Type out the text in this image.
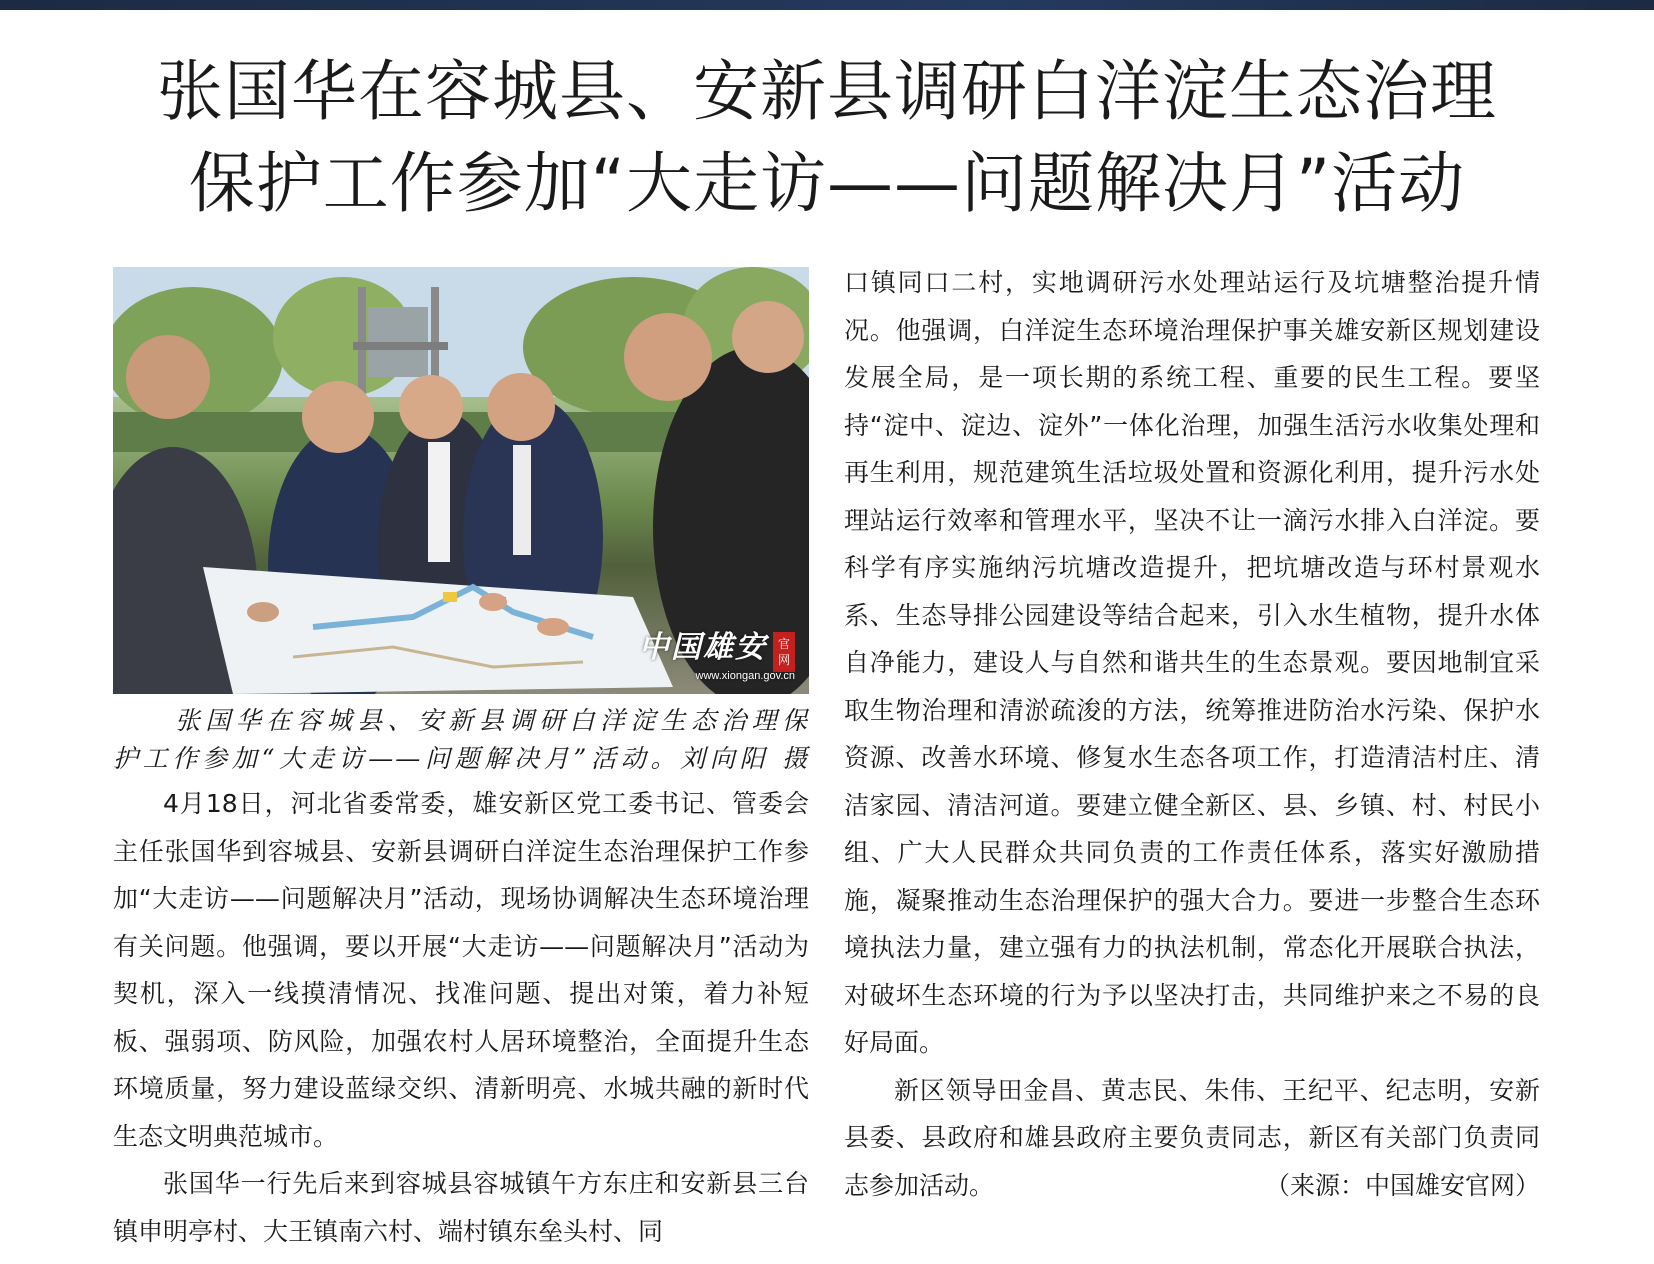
张国华在容城县、安新县调研白洋淀生态治理
保护工作参加“大走访——问题解决月”活动
中国雄安 官网
www.xiongan.gov.cn
张国华在容城县、安新县调研白洋淀生态治理保
护工作参加“大走访——问题解决月”活动。刘向阳 摄

4月18日，河北省委常委，雄安新区党工委书记、管委会主任张国华到容城县、安新县调研白洋淀生态治理保护工作参加“大走访——问题解决月”活动，现场协调解决生态环境治理有关问题。他强调，要以开展“大走访——问题解决月”活动为契机，深入一线摸清情况、找准问题、提出对策，着力补短板、强弱项、防风险，加强农村人居环境整治，全面提升生态环境质量，努力建设蓝绿交织、清新明亮、水城共融的新时代生态文明典范城市。

张国华一行先后来到容城县容城镇午方东庄和安新县三台镇申明亭村、大王镇南六村、端村镇东垒头村、同

口镇同口二村，实地调研污水处理站运行及坑塘整治提升情况。他强调，白洋淀生态环境治理保护事关雄安新区规划建设发展全局，是一项长期的系统工程、重要的民生工程。要坚持“淀中、淀边、淀外”一体化治理，加强生活污水收集处理和再生利用，规范建筑生活垃圾处置和资源化利用，提升污水处理站运行效率和管理水平，坚决不让一滴污水排入白洋淀。要科学有序实施纳污坑塘改造提升，把坑塘改造与环村景观水系、生态导排公园建设等结合起来，引入水生植物，提升水体自净能力，建设人与自然和谐共生的生态景观。要因地制宜采取生物治理和清淤疏浚的方法，统筹推进防治水污染、保护水资源、改善水环境、修复水生态各项工作，打造清洁村庄、清洁家园、清洁河道。要建立健全新区、县、乡镇、村、村民小组、广大人民群众共同负责的工作责任体系，落实好激励措施，凝聚推动生态治理保护的强大合力。要进一步整合生态环境执法力量，建立强有力的执法机制，常态化开展联合执法，对破坏生态环境的行为予以坚决打击，共同维护来之不易的良好局面。

新区领导田金昌、黄志民、朱伟、王纪平、纪志明，安新县委、县政府和雄县政府主要负责同志，新区有关部门负责同志参加活动。	（来源：中国雄安官网）
